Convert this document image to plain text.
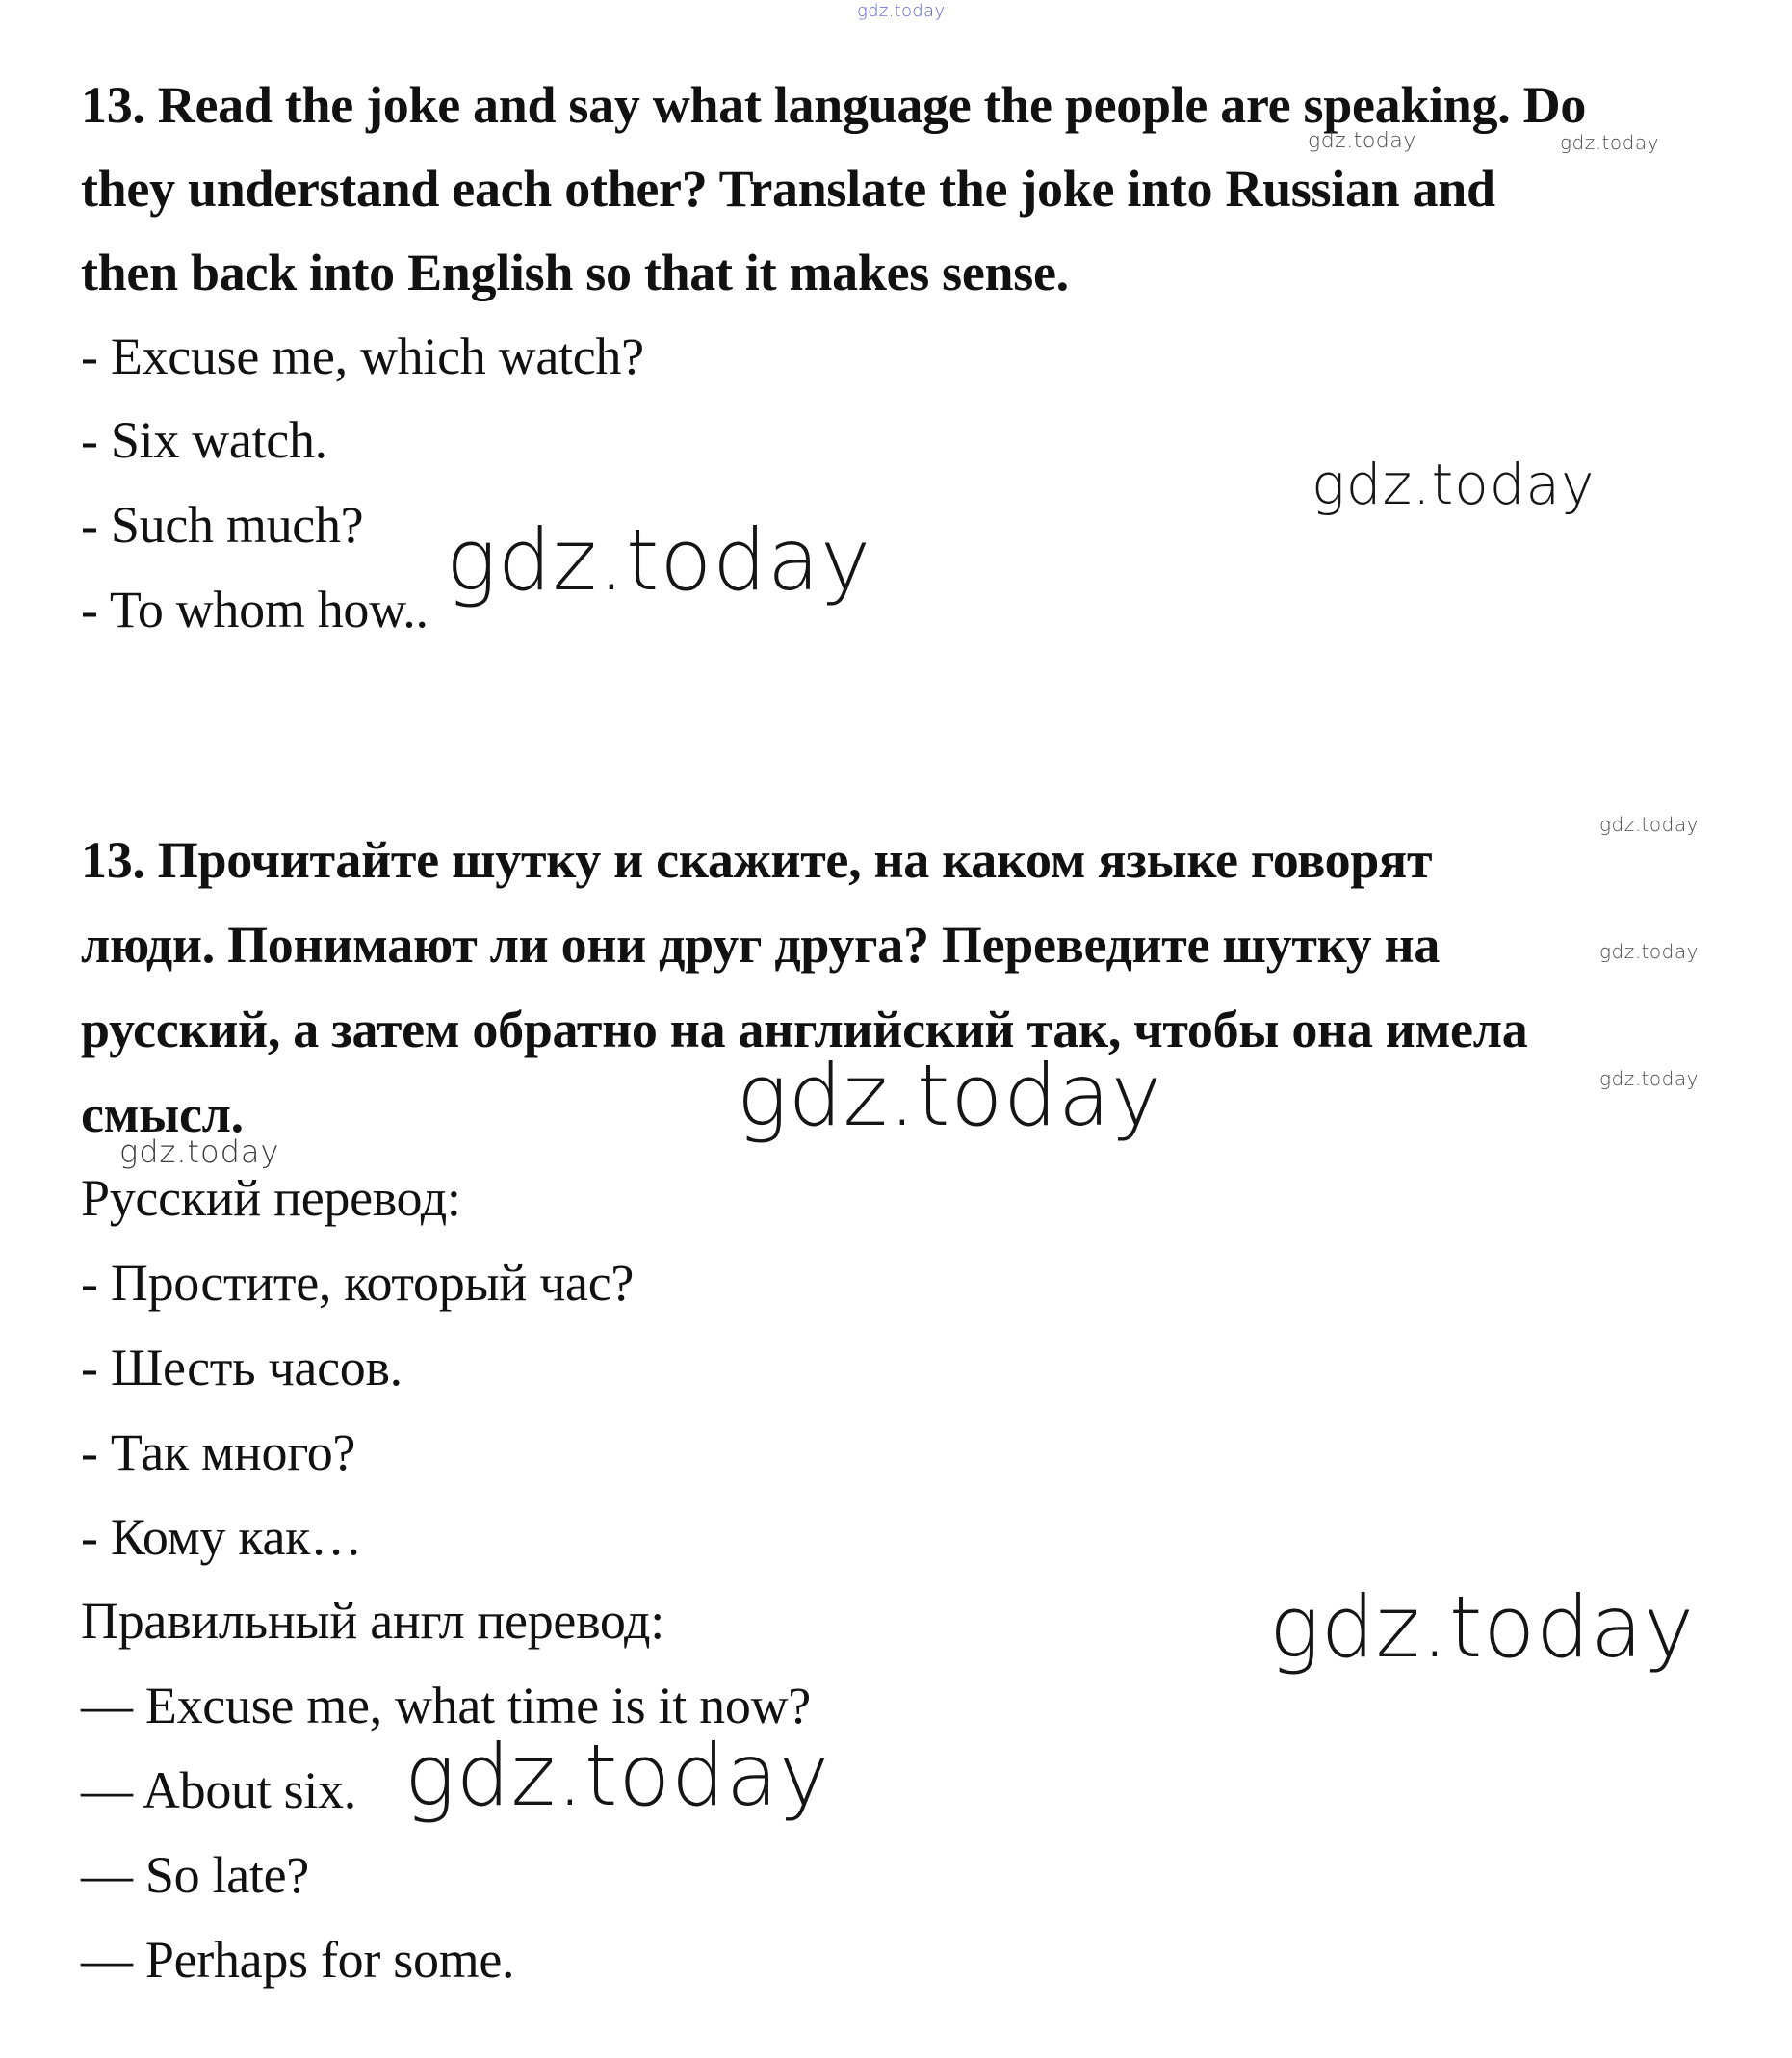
13. Read the joke and say what language the people are speaking. Do
they understand each other? Translate the joke into Russian and
then back into English so that it makes sense.
- Excuse me, which watch?
- Six watch.
- Such much?
- To whom how..
13. Прочитайте шутку и скажите, на каком языке говорят
люди. Понимают ли они друг друга? Переведите шутку на
русский, а затем обратно на английский так, чтобы она имела
смысл.
Русский перевод:
- Простите, который час?
- Шесть часов.
- Так много?
- Кому как…
Правильный англ перевод:
— Excuse me, what time is it now?
— About six.
— So late?
— Perhaps for some.
gdz.today
gdz.today	gdz.today
gdz.today
gdz.today
gdz.today
gdz.today
gdz.today	gdz.today
gdz.today
gdz.today
gdz.today
